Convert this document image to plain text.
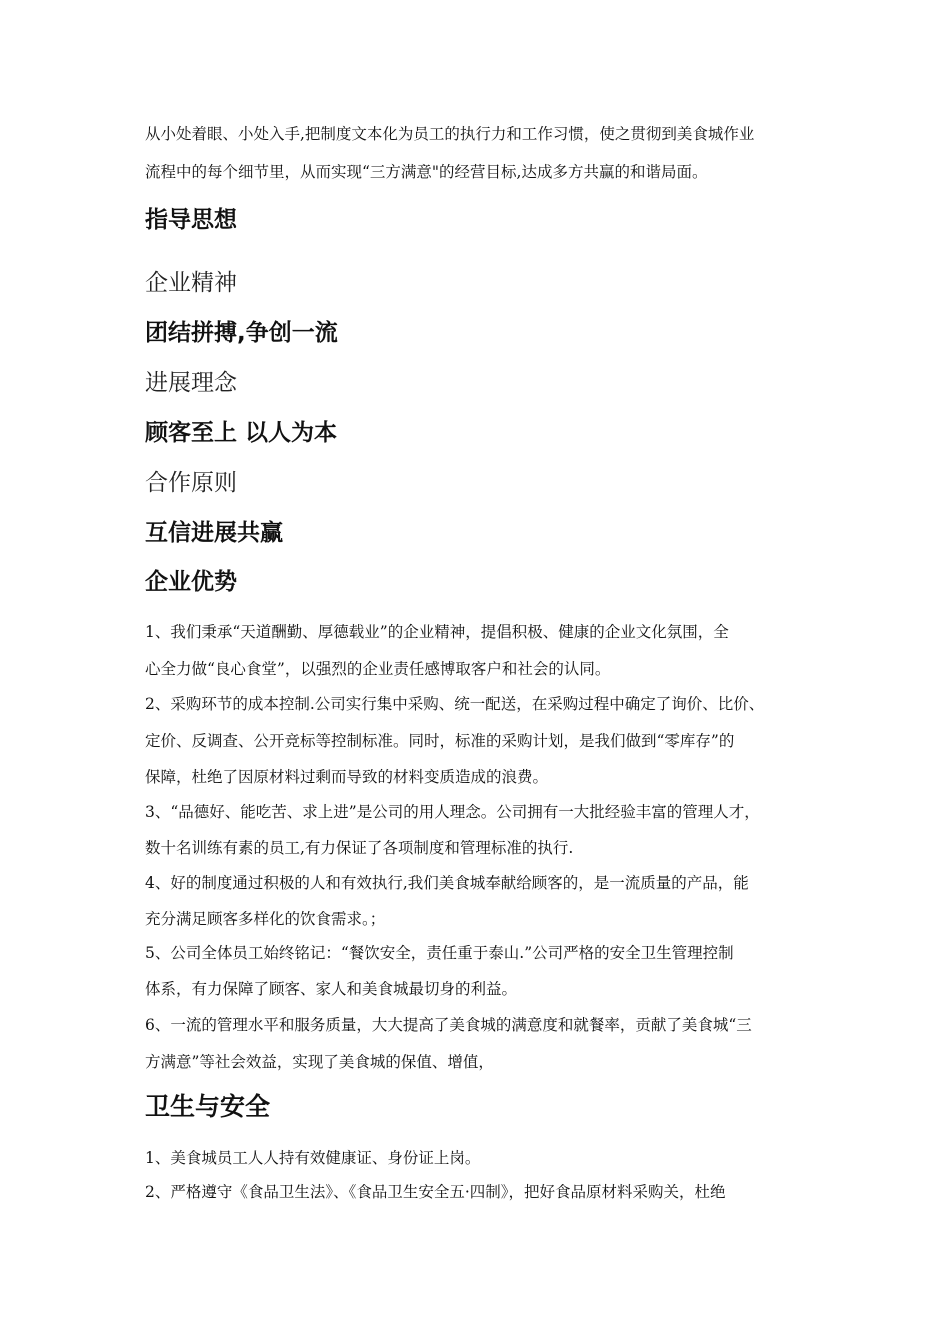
从小处着眼、小处入手,把制度文本化为员工的执行力和工作习惯，使之贯彻到美食城作业
流程中的每个细节里，从而实现“三方满意"的经营目标,达成多方共赢的和谐局面。
指导思想
企业精神
团结拼搏,争创一流
进展理念
顾客至上 以人为本
合作原则
互信进展共赢
企业优势
1、我们秉承“天道酬勤、厚德载业”的企业精神，提倡积极、健康的企业文化氛围，全
心全力做“良心食堂”，以强烈的企业责任感博取客户和社会的认同。
2、采购环节的成本控制.公司实行集中采购、统一配送，在采购过程中确定了询价、比价、
定价、反调查、公开竞标等控制标准。同时，标准的采购计划，是我们做到“零库存”的
保障，杜绝了因原材料过剩而导致的材料变质造成的浪费。
3、“品德好、能吃苦、求上进”是公司的用人理念。公司拥有一大批经验丰富的管理人才，
数十名训练有素的员工,有力保证了各项制度和管理标准的执行.
4、好的制度通过积极的人和有效执行,我们美食城奉献给顾客的，是一流质量的产品，能
充分满足顾客多样化的饮食需求。；
5、公司全体员工始终铭记：“餐饮安全，责任重于泰山.”公司严格的安全卫生管理控制
体系，有力保障了顾客、家人和美食城最切身的利益。
6、一流的管理水平和服务质量，大大提高了美食城的满意度和就餐率，贡献了美食城“三
方满意”等社会效益，实现了美食城的保值、增值，
卫生与安全
1、美食城员工人人持有效健康证、身份证上岗。
2、严格遵守《食品卫生法》、《食品卫生安全五·四制》，把好食品原材料采购关，杜绝
